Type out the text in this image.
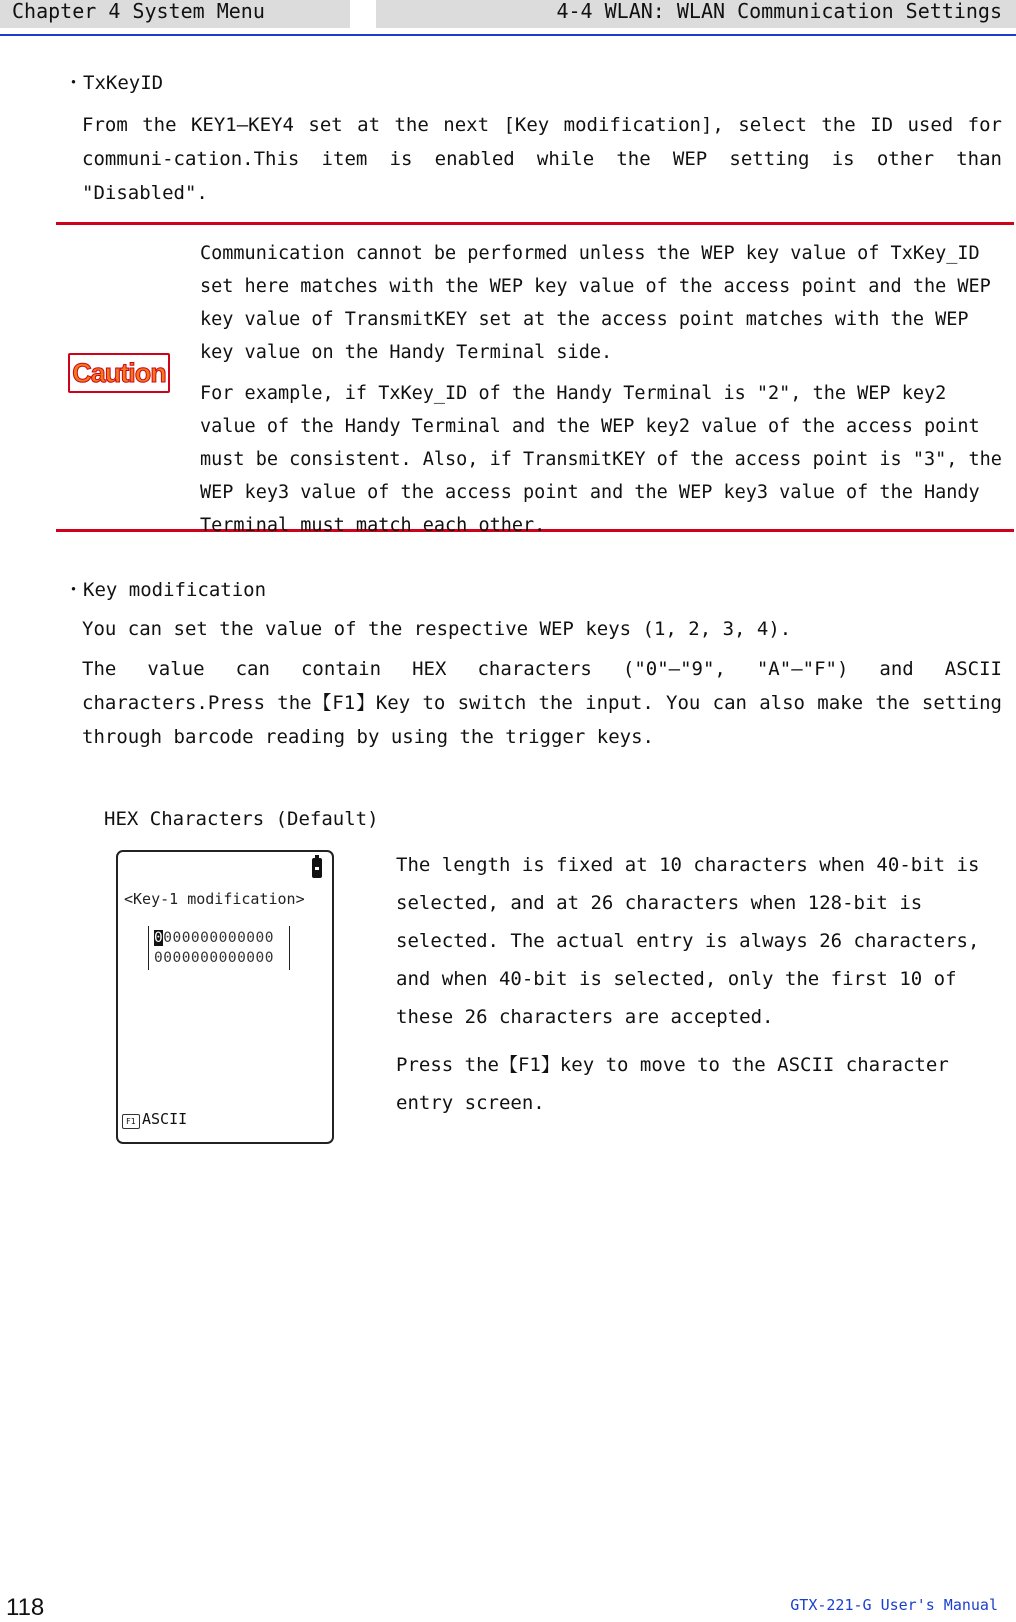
Chapter 4 System Menu	4-4 WLAN: WLAN Communication Settings
・TxKeyID
From the KEY1–KEY4 set at the next [Key modification], select the ID used for communi-cation.This item is enabled while the WEP setting is other than "Disabled".
Caution

Communication cannot be performed unless the WEP key value of TxKey_ID set here matches with the WEP key value of the access point and the WEP key value of TransmitKEY set at the access point matches with the WEP key value on the Handy Terminal side.

For example, if TxKey_ID of the Handy Terminal is "2", the WEP key2 value of the Handy Terminal and the WEP key2 value of the access point must be consistent. Also, if TransmitKEY of the access point is "3", the WEP key3 value of the access point and the WEP key3 value of the Handy Terminal must match each other.

・Key modification
You can set the value of the respective WEP keys (1, 2, 3, 4).
The value can contain HEX characters ("0"–"9", "A"–"F") and ASCII characters.Press the【F1】Key to switch the input. You can also make the setting through barcode reading by using the trigger keys.
HEX Characters (Default)
<Key-1 modification>
0000000000000
0000000000000
F1 ASCII
The length is fixed at 10 characters when 40-bit is selected, and at 26 characters when 128-bit is selected. The actual entry is always 26 characters, and when 40-bit is selected, only the first 10 of these 26 characters are accepted.
Press the【F1】key to move to the ASCII character entry screen.
118	GTX-221-G User's Manual
